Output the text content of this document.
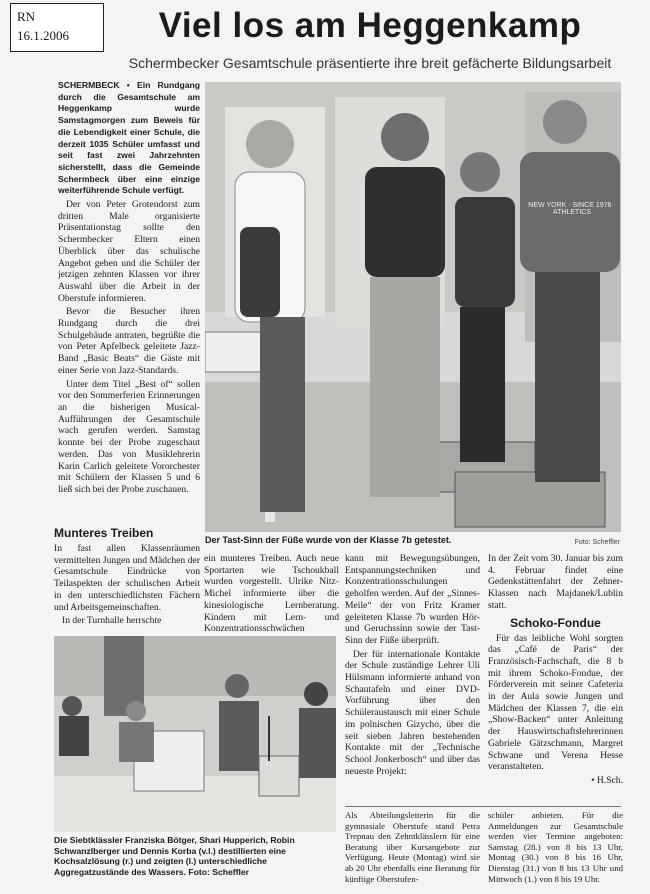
RN
16.1.2006	Viel los am Heggenkamp
Schermbecker Gesamtschule präsentierte ihre breit gefächerte Bildungsarbeit

SCHERMBECK • Ein Rundgang durch die Gesamtschule am Heggenkamp wurde Samstagmorgen zum Beweis für die Lebendigkeit einer Schule, die derzeit 1035 Schüler umfasst und seit fast zwei Jahrzehnten sicherstellt, dass die Gemeinde Schermbeck über eine einzige weiterführende Schule verfügt.

Der von Peter Grotendorst zum dritten Male organisierte Präsentationstag sollte den Schermbecker Eltern einen Überblick über das schulische Angebot geben und die Schüler der jetzigen zehnten Klassen vor ihrer Auswahl über die Arbeit in der Oberstufe informieren.

Bevor die Besucher ihren Rundgang durch die drei Schulgebäude antraten, begrüßte die von Peter Apfelbeck geleitete Jazz-Band „Basic Beats“ die Gäste mit einer Serie von Jazz-Standards.

Unter dem Titel „Best of“ sollen vor den Sommerferien Erinnerungen an die bisherigen Musical-Aufführungen der Gesamtschule wach gerufen werden. Samstag konnte bei der Probe zugeschaut werden. Das von Musiklehrerin Karin Carlich geleitete Vororchester mit Schülern der Klassen 5 und 6 ließ sich bei der Probe zuschauen.

NEW YORK · SINCE 1976 · ATHLETICS
Der Tast-Sinn der Füße wurde von der Klasse 7b getestet.	Foto: Scheffler
Munteres Treiben

In fast allen Klassenräumen vermittelten Jungen und Mädchen der Gesamtschule Eindrücke von Teilaspekten der schulischen Arbeit in den unterschiedlichsten Fächern und Arbeitsgemeinschaften.

In der Turnhalle herrschte

ein munteres Treiben. Auch neue Sportarten wie Tschoukball wurden vorgestellt. Ulrike Nitz-Michel informierte über die kinesiologische Lernberatung. Kindern mit Lern- und Konzentrationsschwächen

kann mit Bewegungsübungen, Entspannungstechniken und Konzentrationsschulungen geholfen werden. Auf der „Sinnes-Meile“ der von Fritz Kramer geleiteten Klasse 7b wurden Hör- und Geruchssinn sowie der Tast-Sinn der Füße überprüft.

Der für internationale Kontakte der Schule zuständige Lehrer Uli Hülsmann informierte anhand von Schautafeln und einer DVD-Vorführung über den Schüleraustausch mit einer Schule im polnischen Gizycho, über die seit sieben Jahren bestehenden Kontakte mit der „Technische School Jonkerbosch“ und über das neueste Projekt:

In der Zeit vom 30. Januar bis zum 4. Februar findet eine Gedenkstättenfahrt der Zehner-Klassen nach Majdanek/Lublin statt.

Schoko-Fondue

Für das leibliche Wohl sorgten das „Café de Paris“ der Französisch-Fachschaft, die 8 b mit ihrem Schoko-Fondue, der Förderverein mit seiner Cafeteria in der Aula sowie Jungen und Mädchen der Klassen 7, die ein „Show-Backen“ unter Anleitung der Hauswirtschaftslehrerinnen Gabriele Gätzschmann, Margret Schwane und Verena Hesse veranstalteten.

• H.Sch.

Die Siebtklässler Franziska Bötger, Shari Hupperich, Robin Schwanzlberger und Dennis Korba (v.l.) destillierten eine Kochsalzlösung (r.) und zeigten (l.) unterschiedliche Aggregatzustände des Wassers. Foto: Scheffler

Als Abteilungsleiterin für die gymnasiale Oberstufe stand Petra Trepnau den Zehntklässlern für eine Beratung über Kursangebote zur Verfügung. Heute (Montag) wird sie ab 20 Uhr ebenfalls eine Beratung für künftige Oberstufen-

schüler anbieten. Für die Anmeldungen zur Gesamtschule werden vier Termine angeboten: Samstag (28.) von 8 bis 13 Uhr, Montag (30.) von 8 bis 16 Uhr, Dienstag (31.) von 8 bis 13 Uhr und Mittwoch (1.) von 8 bis 19 Uhr.
